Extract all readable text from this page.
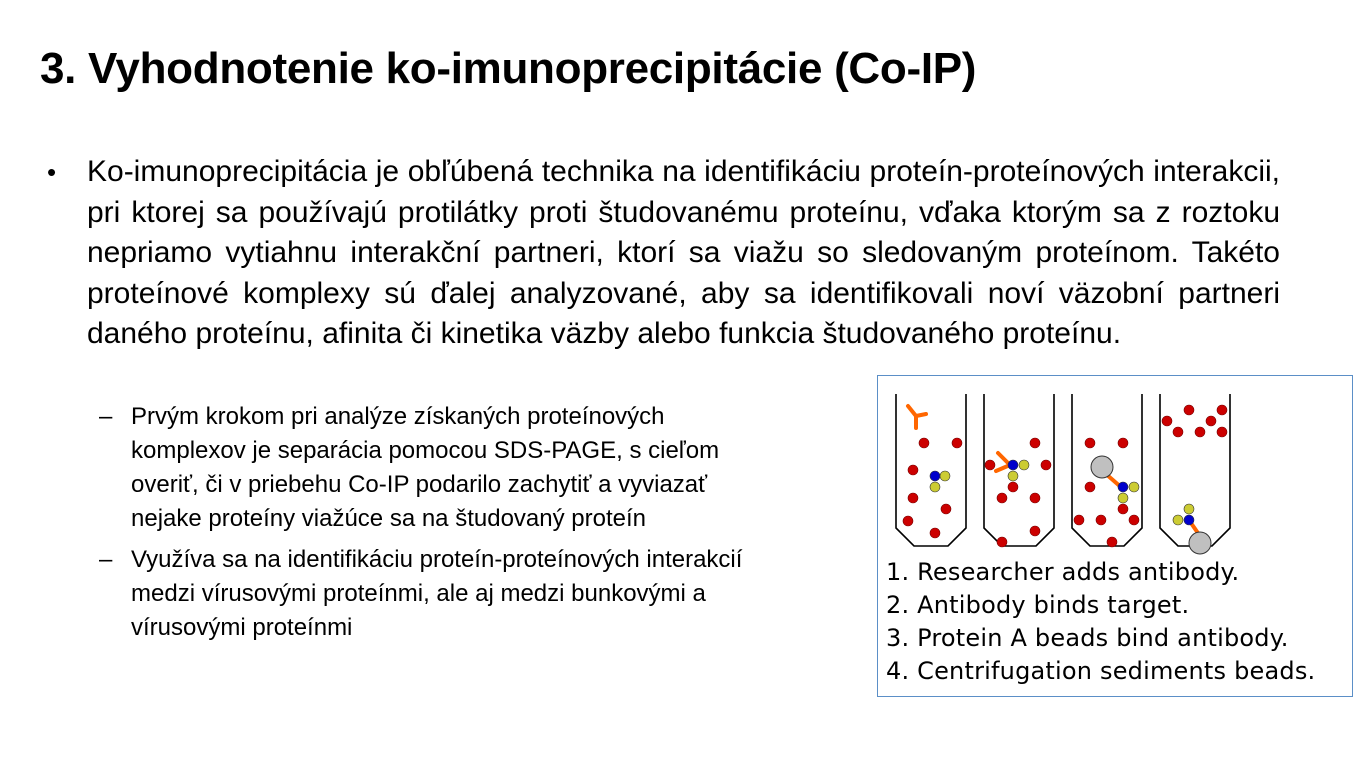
3. Vyhodnotenie ko-imunoprecipitácie (Co-IP)
• Ko-imunoprecipitácia je obľúbená technika na identifikáciu proteín-proteínových interakcii, pri ktorej sa používajú protilátky proti študovanému proteínu, vďaka ktorým sa z roztoku nepriamo vytiahnu interakční partneri, ktorí sa viažu so sledovaným proteínom. Takéto proteínové komplexy sú ďalej analyzované, aby sa identifikovali noví väzobní partneri daného proteínu, afinita či kinetika väzby alebo funkcia študovaného proteínu.

– Prvým krokom pri analýze získaných proteínových
komplexov je separácia pomocou SDS-PAGE, s cieľom
overiť, či v priebehu Co-IP podarilo zachytiť a vyviazať
nejake proteíny viažúce sa na študovaný proteín

– Využíva sa na identifikáciu proteín-proteínových interakcií
medzi vírusovými proteínmi, ale aj medzi bunkovými a
vírusovými proteínmi

1. Researcher adds antibody.
2. Antibody binds target.
3. Protein A beads bind antibody.
4. Centrifugation sediments beads.
